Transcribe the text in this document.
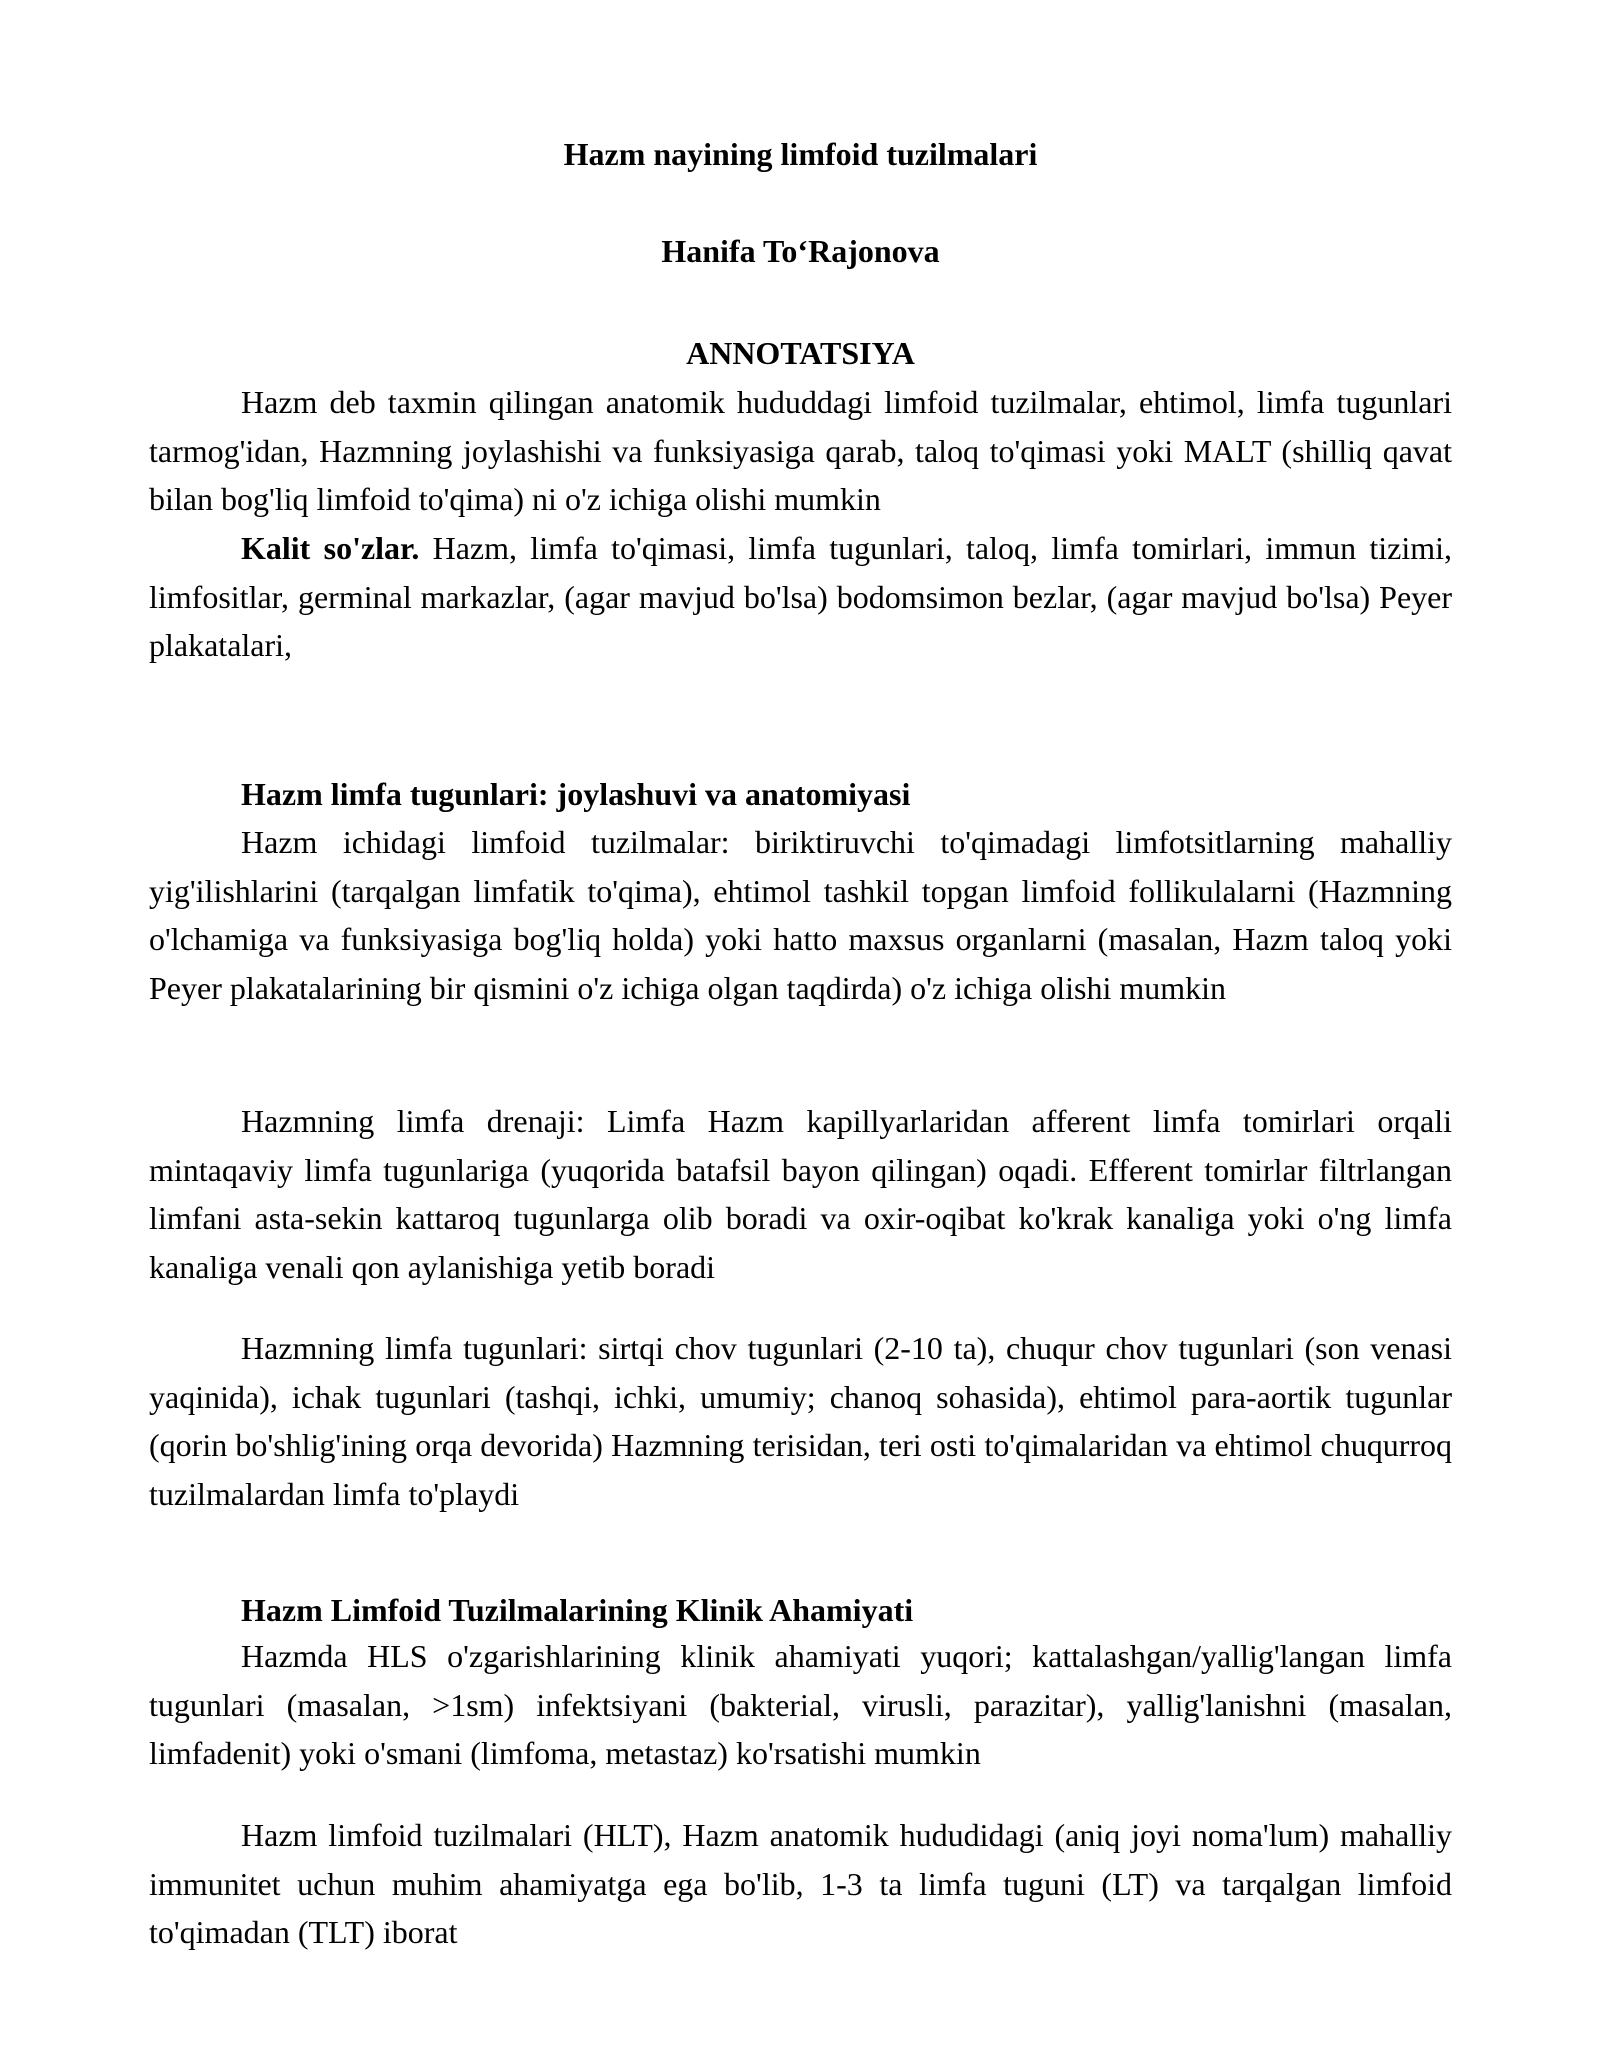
Hazm nayining limfoid tuzilmalari
Hanifa To‘Rajonova
ANNOTATSIYA

Hazm deb taxmin qilingan anatomik hududdagi limfoid tuzilmalar, ehtimol, limfa tugunlari tarmog'idan, Hazmning joylashishi va funksiyasiga qarab, taloq to'qimasi yoki MALT (shilliq qavat bilan bog'liq limfoid to'qima) ni o'z ichiga olishi mumkin

Kalit so'zlar. Hazm, limfa to'qimasi, limfa tugunlari, taloq, limfa tomirlari, immun tizimi, limfositlar, germinal markazlar, (agar mavjud bo'lsa) bodomsimon bezlar, (agar mavjud bo'lsa) Peyer plakatalari,

Hazm limfa tugunlari: joylashuvi va anatomiyasi

Hazm ichidagi limfoid tuzilmalar: biriktiruvchi to'qimadagi limfotsitlarning mahalliy yig'ilishlarini (tarqalgan limfatik to'qima), ehtimol tashkil topgan limfoid follikulalarni (Hazmning o'lchamiga va funksiyasiga bog'liq holda) yoki hatto maxsus organlarni (masalan, Hazm taloq yoki Peyer plakatalarining bir qismini o'z ichiga olgan taqdirda) o'z ichiga olishi mumkin

Hazmning limfa drenaji: Limfa Hazm kapillyarlaridan afferent limfa tomirlari orqali mintaqaviy limfa tugunlariga (yuqorida batafsil bayon qilingan) oqadi. Efferent tomirlar filtrlangan limfani asta-sekin kattaroq tugunlarga olib boradi va oxir-oqibat ko'krak kanaliga yoki o'ng limfa kanaliga venali qon aylanishiga yetib boradi

Hazmning limfa tugunlari: sirtqi chov tugunlari (2-10 ta), chuqur chov tugunlari (son venasi yaqinida), ichak tugunlari (tashqi, ichki, umumiy; chanoq sohasida), ehtimol para-aortik tugunlar (qorin bo'shlig'ining orqa devorida) Hazmning terisidan, teri osti to'qimalaridan va ehtimol chuqurroq tuzilmalardan limfa to'playdi

Hazm Limfoid Tuzilmalarining Klinik Ahamiyati

Hazmda HLS o'zgarishlarining klinik ahamiyati yuqori; kattalashgan/yallig'langan limfa tugunlari (masalan, >1sm) infektsiyani (bakterial, virusli, parazitar), yallig'lanishni (masalan, limfadenit) yoki o'smani (limfoma, metastaz) ko'rsatishi mumkin

Hazm limfoid tuzilmalari (HLT), Hazm anatomik hududidagi (aniq joyi noma'lum) mahalliy immunitet uchun muhim ahamiyatga ega bo'lib, 1-3 ta limfa tuguni (LT) va tarqalgan limfoid to'qimadan (TLT) iborat
